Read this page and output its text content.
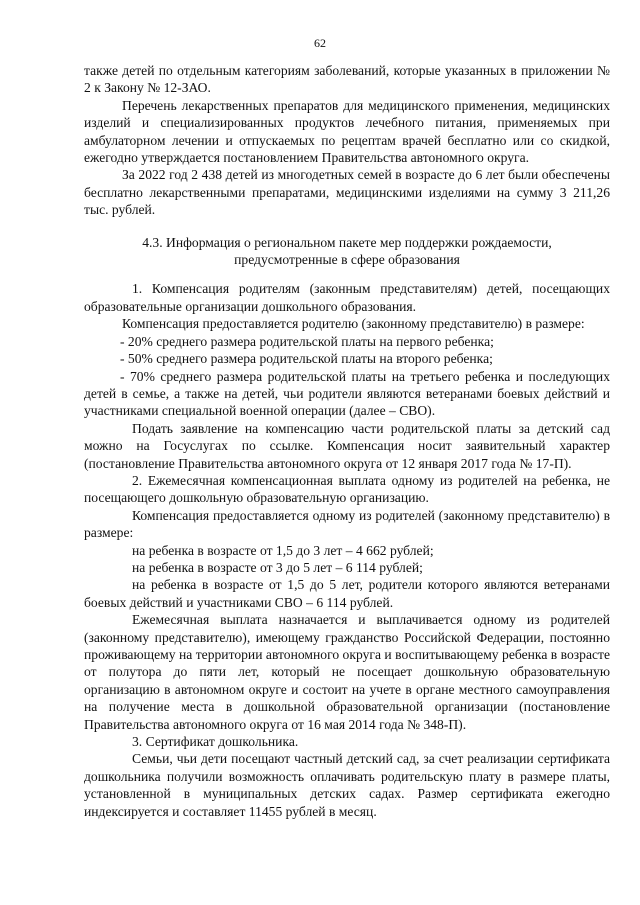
62

также детей по отдельным категориям заболеваний, которые указанных в приложении № 2 к Закону № 12-ЗАО.

Перечень лекарственных препаратов для медицинского применения, медицинских изделий и специализированных продуктов лечебного питания, применяемых при амбулаторном лечении и отпускаемых по рецептам врачей бесплатно или со скидкой, ежегодно утверждается постановлением Правительства автономного округа.

За 2022 год 2 438 детей из многодетных семей в возрасте до 6 лет были обеспечены бесплатно лекарственными препаратами, медицинскими изделиями на сумму 3 211,26 тыс. рублей.

4.3. Информация о региональном пакете мер поддержки рождаемости,
предусмотренные в сфере образования

1. Компенсация родителям (законным представителям) детей, посещающих образовательные организации дошкольного образования.

Компенсация предоставляется родителю (законному представителю) в размере:

- 20% среднего размера родительской платы на первого ребенка;

- 50% среднего размера родительской платы на второго ребенка;

- 70% среднего размера родительской платы на третьего ребенка и последующих детей в семье, а также на детей, чьи родители являются ветеранами боевых действий и участниками специальной военной операции (далее – СВО).

Подать заявление на компенсацию части родительской платы за детский сад можно на Госуслугах по ссылке. Компенсация носит заявительный характер (постановление Правительства автономного округа от 12 января 2017 года № 17-П).

2. Ежемесячная компенсационная выплата одному из родителей на ребенка, не посещающего дошкольную образовательную организацию.

Компенсация предоставляется одному из родителей (законному представителю) в размере:

на ребенка в возрасте от 1,5 до 3 лет – 4 662 рублей;

на ребенка в возрасте от 3 до 5 лет – 6 114 рублей;

на ребенка в возрасте от 1,5 до 5 лет, родители которого являются ветеранами боевых действий и участниками СВО – 6 114 рублей.

Ежемесячная выплата назначается и выплачивается одному из родителей (законному представителю), имеющему гражданство Российской Федерации, постоянно проживающему на территории автономного округа и воспитывающему ребенка в возрасте от полутора до пяти лет, который не посещает дошкольную образовательную организацию в автономном округе и состоит на учете в органе местного самоуправления на получение места в дошкольной образовательной организации (постановление Правительства автономного округа от 16 мая 2014 года № 348-П).

3. Сертификат дошкольника.

Семьи, чьи дети посещают частный детский сад, за счет реализации сертификата дошкольника получили возможность оплачивать родительскую плату в размере платы, установленной в муниципальных детских садах. Размер сертификата ежегодно индексируется и составляет 11455 рублей в месяц.
